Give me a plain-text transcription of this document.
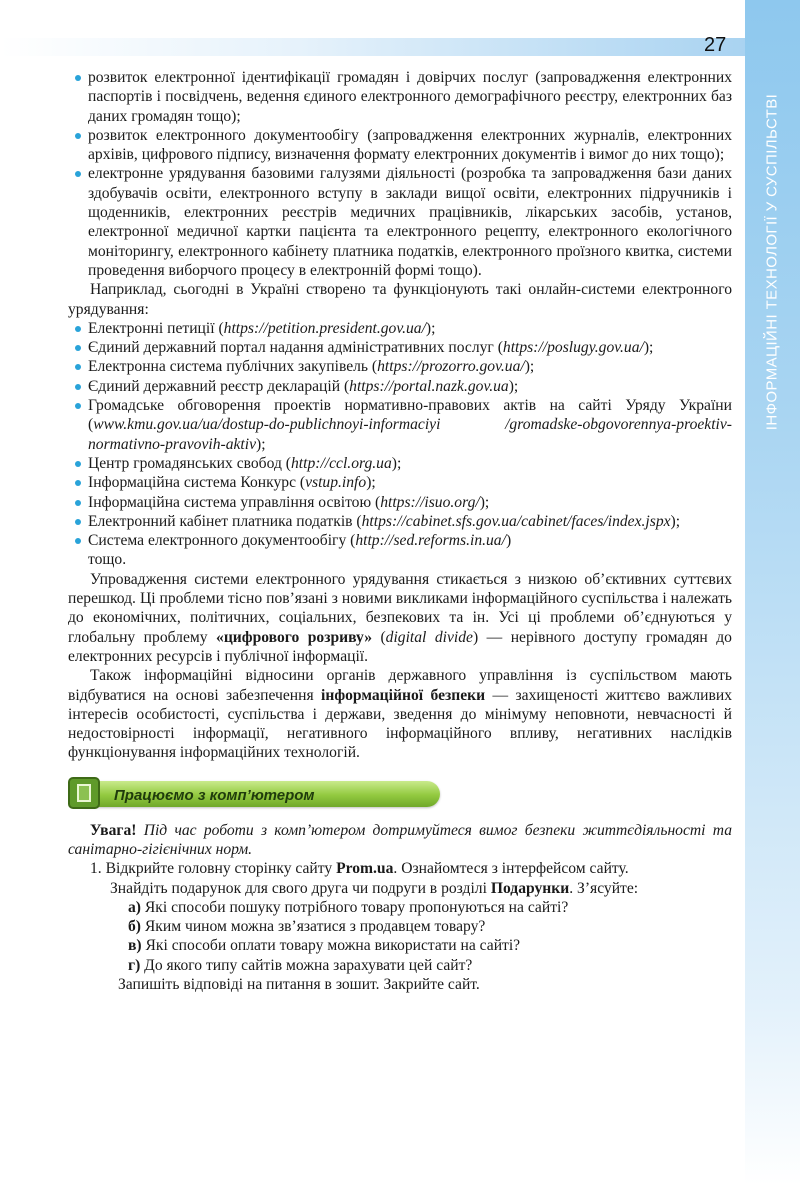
27
ІНФОРМАЦІЙНІ ТЕХНОЛОГІЇ У СУСПІЛЬСТВІ
розвиток електронної ідентифікації громадян і довірчих послуг (запровадження електронних паспортів і посвідчень, ведення єдиного електронного демографічного реєстру, електронних баз даних громадян тощо);
розвиток електронного документообігу (запровадження електронних журналів, електронних архівів, цифрового підпису, визначення формату електронних документів і вимог до них тощо);
електронне урядування базовими галузями діяльності (розробка та запровадження бази даних здобувачів освіти, електронного вступу в заклади вищої освіти, електронних підручників і щоденників, електронних реєстрів медичних працівників, лікарських засобів, установ, електронної медичної картки пацієнта та електронного рецепту, електронного екологічного моніторингу, електронного кабінету платника податків, електронного проїзного квитка, системи проведення виборчого процесу в електронній формі тощо).

Наприклад, сьогодні в Україні створено та функціонують такі онлайн-системи електронного урядування:

Електронні петиції (https://petition.president.gov.ua/);
Єдиний державний портал надання адміністративних послуг (https://poslugy.gov.ua/);
Електронна система публічних закупівель (https://prozorro.gov.ua/);
Єдиний державний реєстр декларацій (https://portal.nazk.gov.ua);
Громадське обговорення проектів нормативно-правових актів на сайті Уряду України (www.kmu.gov.ua/ua/dostup-do-publichnoyi-informaciyi /gromadske-obgovorennya-proektiv-normativno-pravovih-aktiv);
Центр громадянських свобод (http://ccl.org.ua);
Інформаційна система Конкурс (vstup.info);
Інформаційна система управління освітою (https://isuo.org/);
Електронний кабінет платника податків (https://cabinet.sfs.gov.ua/cabinet/faces/index.jspx);
Система електронного документообігу (http://sed.reforms.in.ua/)

тощо.

Упровадження системи електронного урядування стикається з низкою об’єктивних суттєвих перешкод. Ці проблеми тісно пов’язані з новими викликами інформаційного суспільства і належать до економічних, політичних, соціальних, безпекових та ін. Усі ці проблеми об’єднуються у глобальну проблему «цифрового розриву» (digital divide) — нерівного доступу громадян до електронних ресурсів і публічної інформації.

Також інформаційні відносини органів державного управління із суспільством мають відбуватися на основі забезпечення інформаційної безпеки — захищеності життєво важливих інтересів особистості, суспільства і держави, зведення до мінімуму неповноти, невчасності й недостовірності інформації, негативного інформаційного впливу, негативних наслідків функціонування інформаційних технологій.

Працюємо з комп’ютером

Увага! Під час роботи з комп’ютером дотримуйтеся вимог безпеки життєдіяльності та санітарно-гігієнічних норм.

1. Відкрийте головну сторінку сайту Prom.ua. Ознайомтеся з інтерфейсом сайту.

Знайдіть подарунок для свого друга чи подруги в розділі Подарунки. З’ясуйте:

а) Які способи пошуку потрібного товару пропонуються на сайті?

б) Яким чином можна зв’язатися з продавцем товару?

в) Які способи оплати товару можна використати на сайті?

г) До якого типу сайтів можна зарахувати цей сайт?

Запишіть відповіді на питання в зошит. Закрийте сайт.
